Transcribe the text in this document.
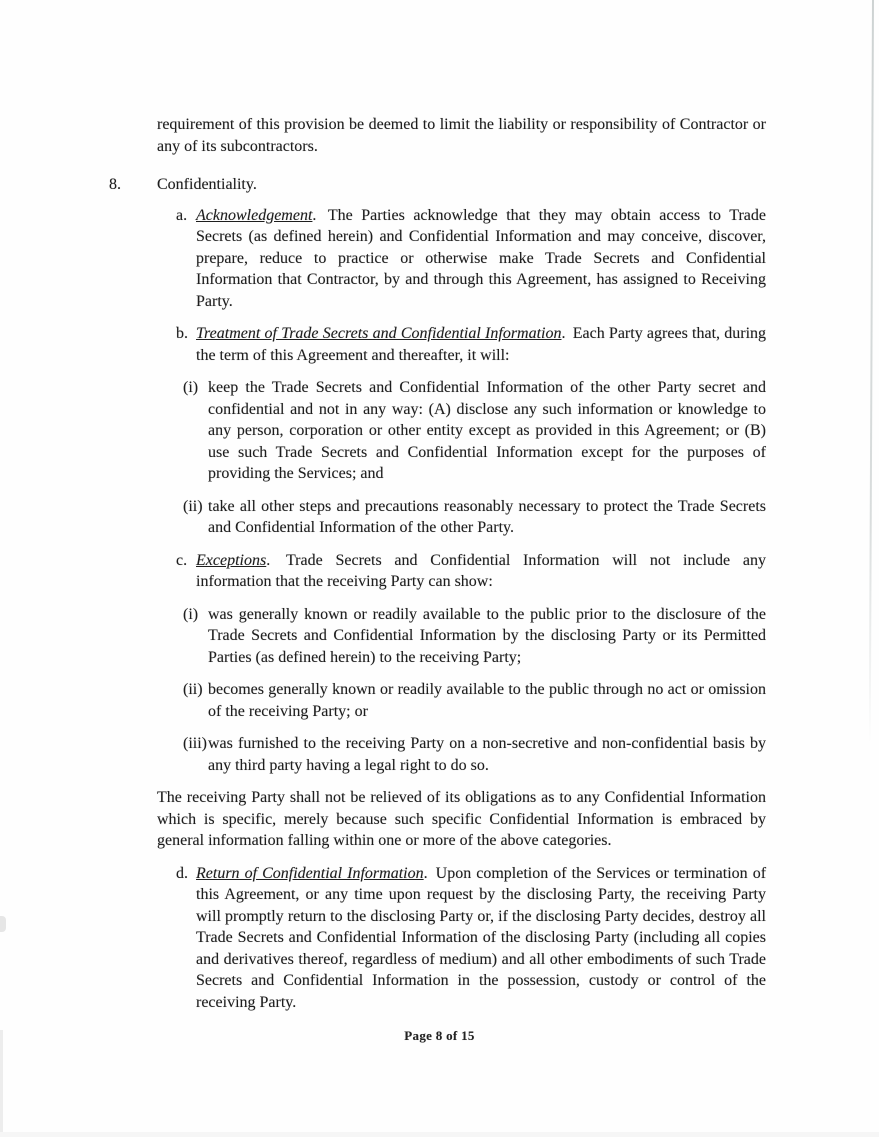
requirement of this provision be deemed to limit the liability or responsibility of Contractor or any of its subcontractors.
8. Confidentiality.
a. Acknowledgement. The Parties acknowledge that they may obtain access to Trade Secrets (as defined herein) and Confidential Information and may conceive, discover, prepare, reduce to practice or otherwise make Trade Secrets and Confidential Information that Contractor, by and through this Agreement, has assigned to Receiving Party.
b. Treatment of Trade Secrets and Confidential Information. Each Party agrees that, during the term of this Agreement and thereafter, it will:
(i) keep the Trade Secrets and Confidential Information of the other Party secret and confidential and not in any way: (A) disclose any such information or knowledge to any person, corporation or other entity except as provided in this Agreement; or (B) use such Trade Secrets and Confidential Information except for the purposes of providing the Services; and
(ii) take all other steps and precautions reasonably necessary to protect the Trade Secrets and Confidential Information of the other Party.
c. Exceptions. Trade Secrets and Confidential Information will not include any information that the receiving Party can show:
(i) was generally known or readily available to the public prior to the disclosure of the Trade Secrets and Confidential Information by the disclosing Party or its Permitted Parties (as defined herein) to the receiving Party;
(ii) becomes generally known or readily available to the public through no act or omission of the receiving Party; or
(iii)was furnished to the receiving Party on a non-secretive and non-confidential basis by any third party having a legal right to do so.
The receiving Party shall not be relieved of its obligations as to any Confidential Information which is specific, merely because such specific Confidential Information is embraced by general information falling within one or more of the above categories.
d. Return of Confidential Information. Upon completion of the Services or termination of this Agreement, or any time upon request by the disclosing Party, the receiving Party will promptly return to the disclosing Party or, if the disclosing Party decides, destroy all Trade Secrets and Confidential Information of the disclosing Party (including all copies and derivatives thereof, regardless of medium) and all other embodiments of such Trade Secrets and Confidential Information in the possession, custody or control of the receiving Party.
Page 8 of 15
